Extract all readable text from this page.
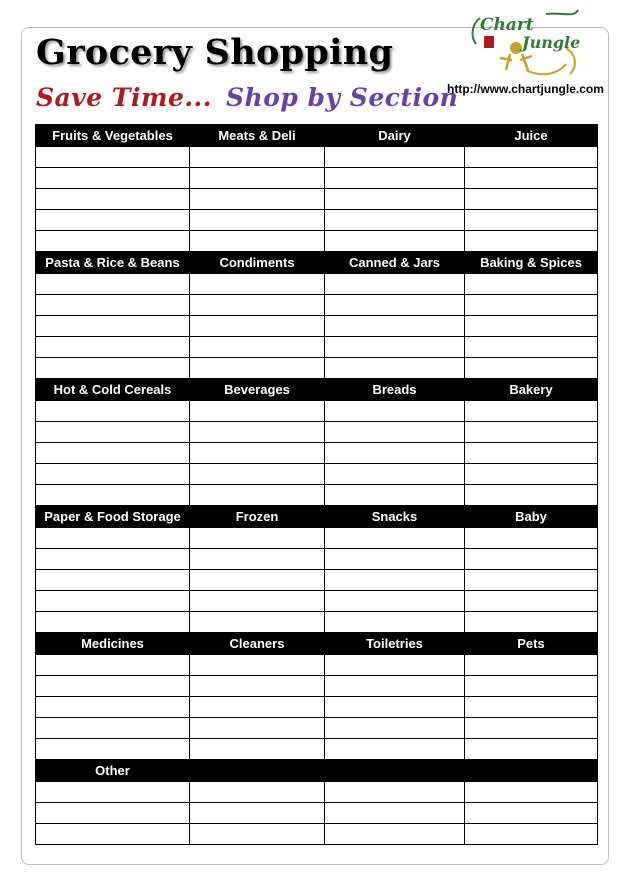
Grocery Shopping
Save Time... Shop by Section
Chart
Jungle
http://www.chartjungle.com
Fruits & Vegetables	Meats & Deli	Dairy	Juice

Pasta & Rice & Beans	Condiments	Canned & Jars	Baking & Spices

Hot & Cold Cereals	Beverages	Breads	Bakery

Paper & Food Storage	Frozen	Snacks	Baby

Medicines	Cleaners	Toiletries	Pets

Other			
